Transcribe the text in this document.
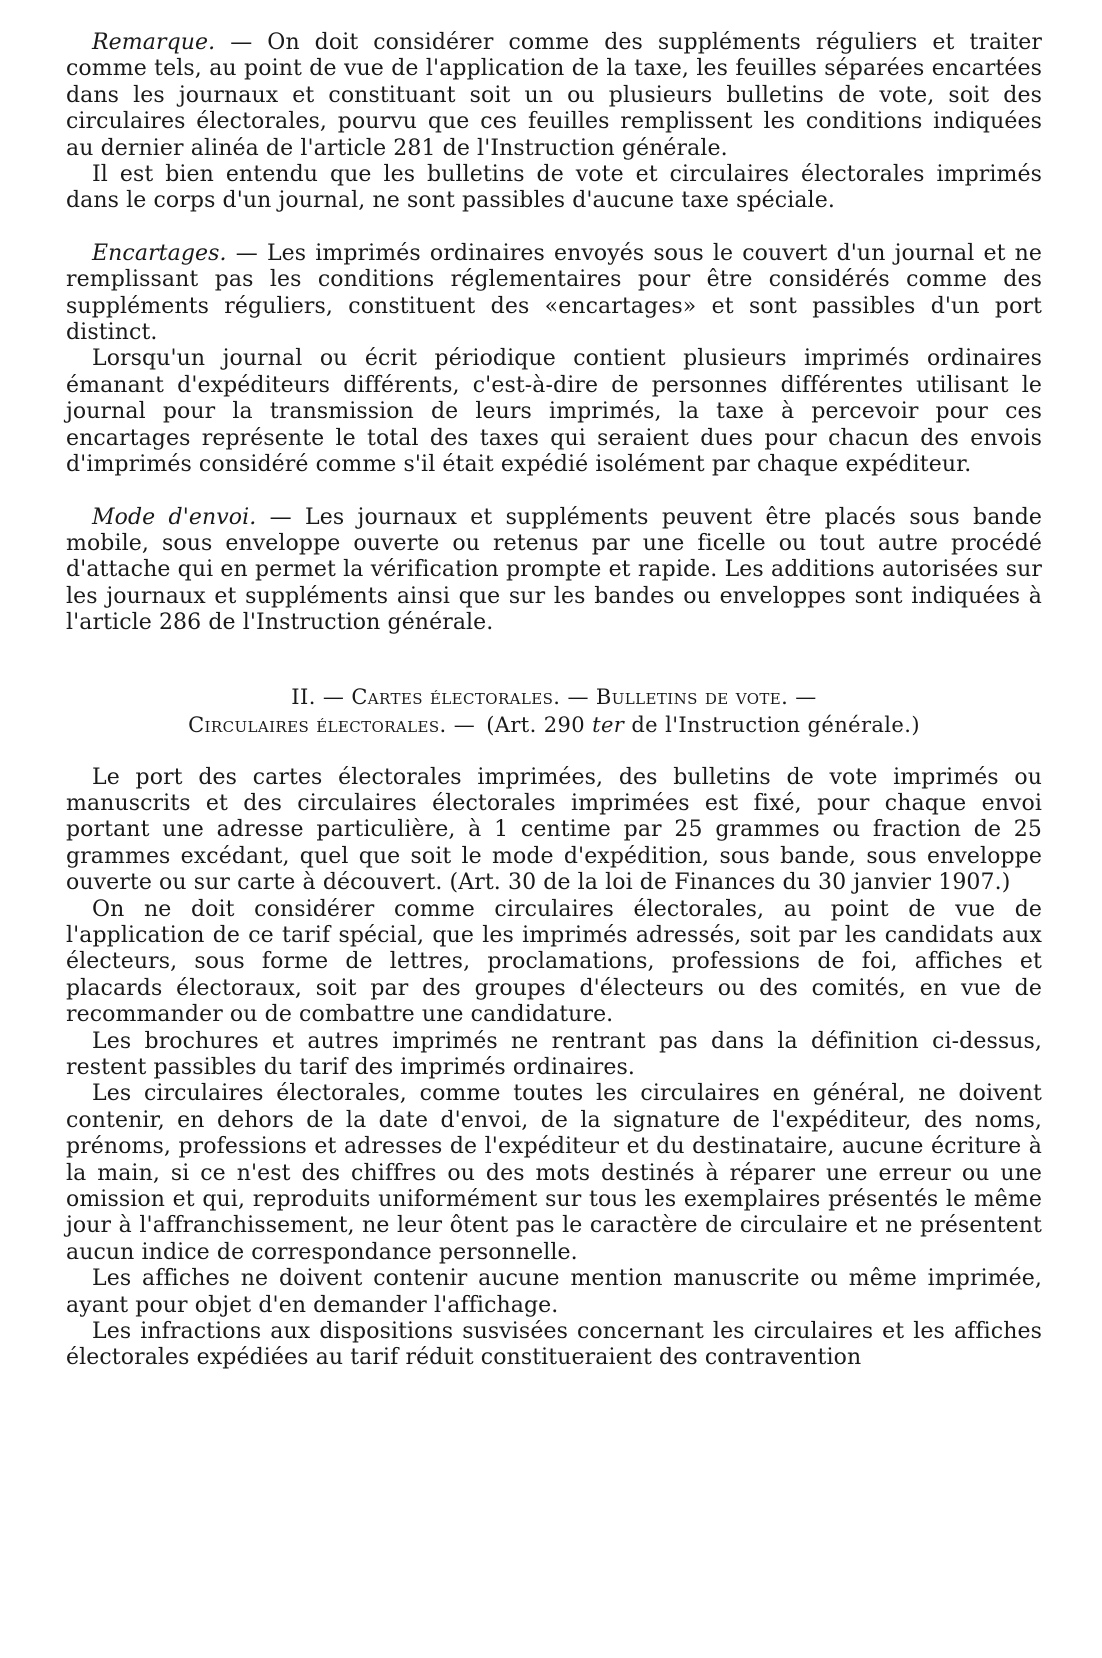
Remarque. — On doit considérer comme des suppléments réguliers et traiter comme tels, au point de vue de l'application de la taxe, les feuilles séparées encartées dans les journaux et constituant soit un ou plusieurs bulletins de vote, soit des circulaires électorales, pourvu que ces feuilles remplissent les conditions indiquées au dernier alinéa de l'article 281 de l'Instruction générale.

Il est bien entendu que les bulletins de vote et circulaires électorales imprimés dans le corps d'un journal, ne sont passibles d'aucune taxe spéciale.

Encartages. — Les imprimés ordinaires envoyés sous le couvert d'un journal et ne remplissant pas les conditions réglementaires pour être considérés comme des suppléments réguliers, constituent des «encartages» et sont passibles d'un port distinct.

Lorsqu'un journal ou écrit périodique contient plusieurs imprimés ordinaires émanant d'expéditeurs différents, c'est-à-dire de personnes différentes utilisant le journal pour la transmission de leurs imprimés, la taxe à percevoir pour ces encartages représente le total des taxes qui seraient dues pour chacun des envois d'imprimés considéré comme s'il était expédié isolément par chaque expéditeur.

Mode d'envoi. — Les journaux et suppléments peuvent être placés sous bande mobile, sous enveloppe ouverte ou retenus par une ficelle ou tout autre procédé d'attache qui en permet la vérification prompte et rapide. Les additions autorisées sur les journaux et suppléments ainsi que sur les bandes ou enveloppes sont indiquées à l'article 286 de l'Instruction générale.

II. — Cartes électorales. — Bulletins de vote. —
Circulaires électorales. — (Art. 290 ter de l'Instruction générale.)

Le port des cartes électorales imprimées, des bulletins de vote imprimés ou manuscrits et des circulaires électorales imprimées est fixé, pour chaque envoi portant une adresse particulière, à 1 centime par 25 grammes ou fraction de 25 grammes excédant, quel que soit le mode d'expédition, sous bande, sous enveloppe ouverte ou sur carte à découvert. (Art. 30 de la loi de Finances du 30 janvier 1907.)

On ne doit considérer comme circulaires électorales, au point de vue de l'application de ce tarif spécial, que les imprimés adressés, soit par les candidats aux électeurs, sous forme de lettres, proclamations, professions de foi, affiches et placards électoraux, soit par des groupes d'électeurs ou des comités, en vue de recommander ou de combattre une candidature.

Les brochures et autres imprimés ne rentrant pas dans la définition ci-dessus, restent passibles du tarif des imprimés ordinaires.

Les circulaires électorales, comme toutes les circulaires en général, ne doivent contenir, en dehors de la date d'envoi, de la signature de l'expéditeur, des noms, prénoms, professions et adresses de l'expéditeur et du destinataire, aucune écriture à la main, si ce n'est des chiffres ou des mots destinés à réparer une erreur ou une omission et qui, reproduits uniformément sur tous les exemplaires présentés le même jour à l'affranchissement, ne leur ôtent pas le caractère de circulaire et ne présentent aucun indice de correspondance personnelle.

Les affiches ne doivent contenir aucune mention manuscrite ou même imprimée, ayant pour objet d'en demander l'affichage.

Les infractions aux dispositions susvisées concernant les circulaires et les affiches électorales expédiées au tarif réduit constitueraient des contravention
